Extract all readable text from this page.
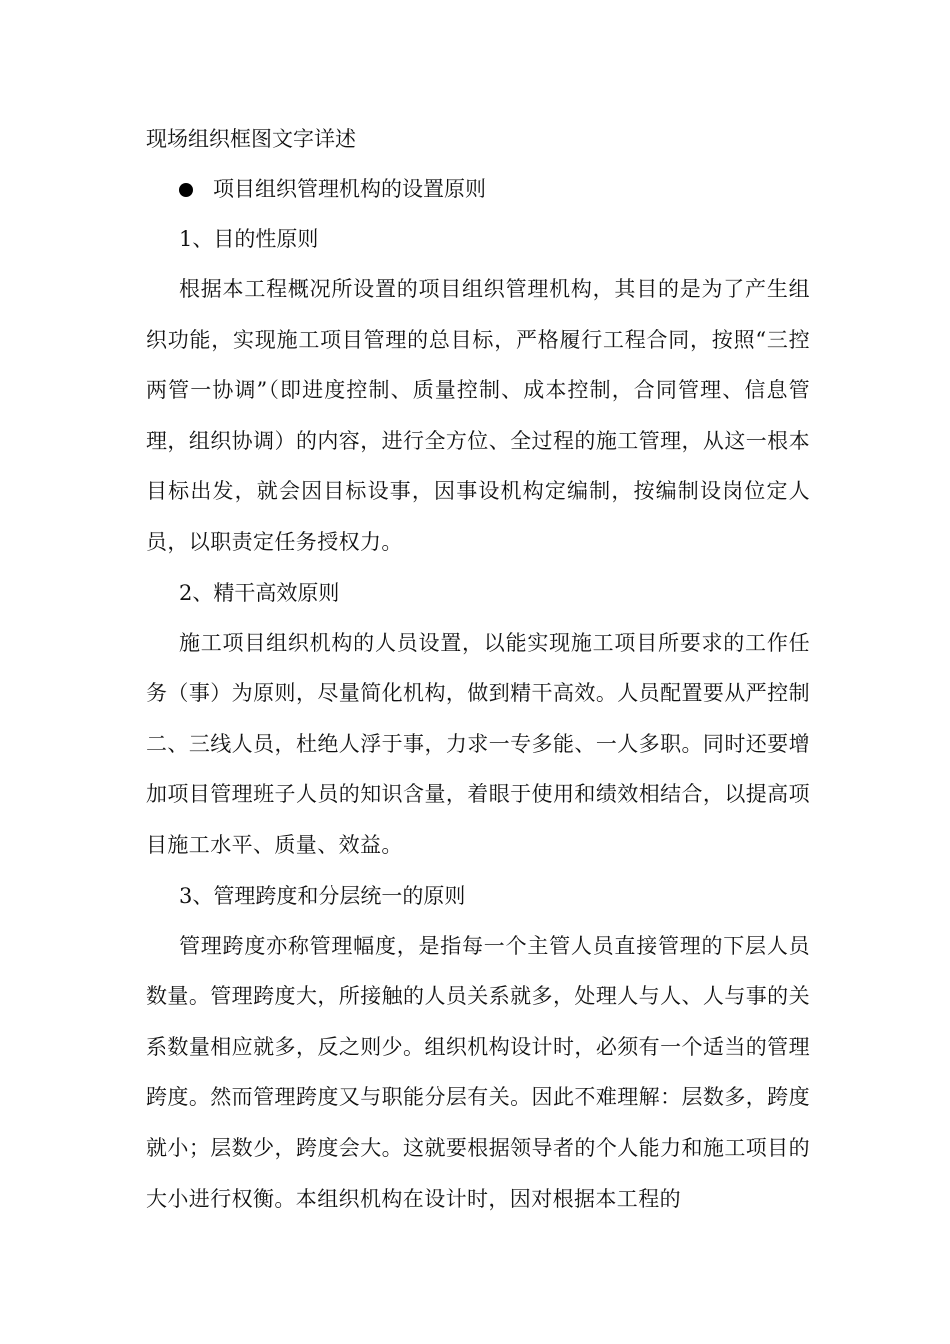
现场组织框图文字详述
项目组织管理机构的设置原则
1、目的性原则

根据本工程概况所设置的项目组织管理机构，其目的是为了产生组织功能，实现施工项目管理的总目标，严格履行工程合同，按照“三控两管一协调”（即进度控制、质量控制、成本控制，合同管理、信息管理，组织协调）的内容，进行全方位、全过程的施工管理，从这一根本目标出发，就会因目标设事，因事设机构定编制，按编制设岗位定人员，以职责定任务授权力。

2、精干高效原则

施工项目组织机构的人员设置，以能实现施工项目所要求的工作任务（事）为原则，尽量简化机构，做到精干高效。人员配置要从严控制二、三线人员，杜绝人浮于事，力求一专多能、一人多职。同时还要增加项目管理班子人员的知识含量，着眼于使用和绩效相结合，以提高项目施工水平、质量、效益。

3、管理跨度和分层统一的原则

管理跨度亦称管理幅度，是指每一个主管人员直接管理的下层人员数量。管理跨度大，所接触的人员关系就多，处理人与人、人与事的关系数量相应就多，反之则少。组织机构设计时，必须有一个适当的管理跨度。然而管理跨度又与职能分层有关。因此不难理解：层数多，跨度就小；层数少，跨度会大。这就要根据领导者的个人能力和施工项目的大小进行权衡。本组织机构在设计时，因对根据本工程的
